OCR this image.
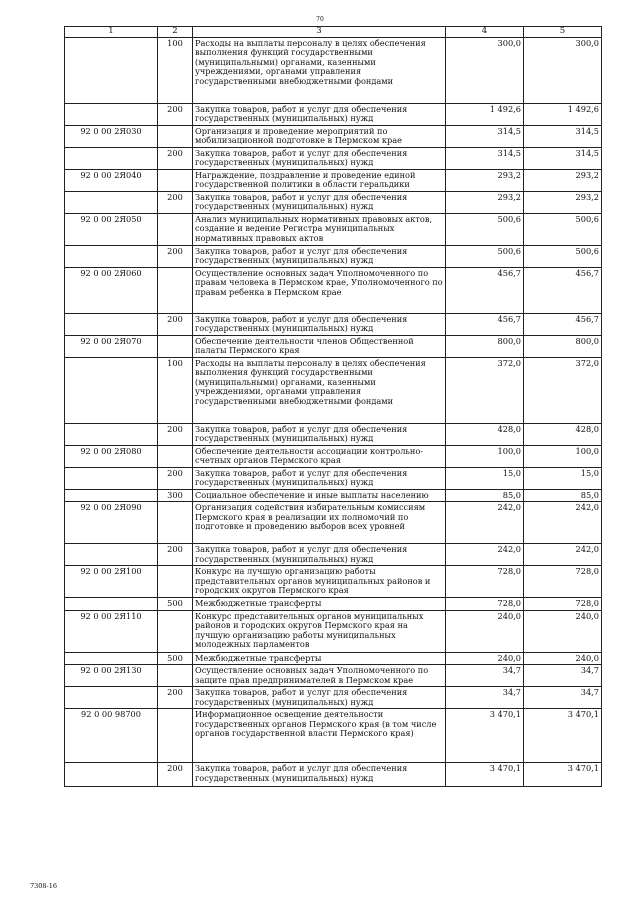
70
1	2	3	4	5
	100	Расходы на выплаты персоналу в целях обеспечения выполнения функций государственными (муниципальными) органами, казенными учреждениями, органами управления государственными внебюджетными фондами	300,0	300,0
	200	Закупка товаров, работ и услуг для обеспечения государственных (муниципальных) нужд	1 492,6	1 492,6
92 0 00 2Я030		Организация и проведение мероприятий по мобилизационной подготовке в Пермском крае	314,5	314,5
	200	Закупка товаров, работ и услуг для обеспечения государственных (муниципальных) нужд	314,5	314,5
92 0 00 2Я040		Награждение, поздравление и проведение единой государственной политики в области геральдики	293,2	293,2
	200	Закупка товаров, работ и услуг для обеспечения государственных (муниципальных) нужд	293,2	293,2
92 0 00 2Я050		Анализ муниципальных нормативных правовых актов, создание и ведение Регистра муниципальных нормативных правовых актов	500,6	500,6
	200	Закупка товаров, работ и услуг для обеспечения государственных (муниципальных) нужд	500,6	500,6
92 0 00 2Я060		Осуществление основных задач Уполномоченного по правам человека в Пермском крае, Уполномоченного по правам ребенка в Пермском крае	456,7	456,7
	200	Закупка товаров, работ и услуг для обеспечения государственных (муниципальных) нужд	456,7	456,7
92 0 00 2Я070		Обеспечение деятельности членов Общественной палаты Пермского края	800,0	800,0
	100	Расходы на выплаты персоналу в целях обеспечения выполнения функций государственными (муниципальными) органами, казенными учреждениями, органами управления государственными внебюджетными фондами	372,0	372,0
	200	Закупка товаров, работ и услуг для обеспечения государственных (муниципальных) нужд	428,0	428,0
92 0 00 2Я080		Обеспечение деятельности ассоциации контрольно-счетных органов Пермского края	100,0	100,0
	200	Закупка товаров, работ и услуг для обеспечения государственных (муниципальных) нужд	15,0	15,0
	300	Социальное обеспечение и иные выплаты населению	85,0	85,0
92 0 00 2Я090		Организация содействия избирательным комиссиям Пермского края в реализации их полномочий по подготовке и проведению выборов всех уровней	242,0	242,0
	200	Закупка товаров, работ и услуг для обеспечения государственных (муниципальных) нужд	242,0	242,0
92 0 00 2Я100		Конкурс на лучшую организацию работы представительных органов муниципальных районов и городских округов Пермского края	728,0	728,0
	500	Межбюджетные трансферты	728,0	728,0
92 0 00 2Я110		Конкурс представительных органов муниципальных районов и городских округов Пермского края на лучшую организацию работы муниципальных молодежных парламентов	240,0	240,0
	500	Межбюджетные трансферты	240,0	240,0
92 0 00 2Я130		Осуществление основных задач Уполномоченного по защите прав предпринимателей в Пермском крае	34,7	34,7
	200	Закупка товаров, работ и услуг для обеспечения государственных (муниципальных) нужд	34,7	34,7
92 0 00 98700		Информационное освещение деятельности государственных органов Пермского края (в том числе органов государственной власти Пермского края)	3 470,1	3 470,1
	200	Закупка товаров, работ и услуг для обеспечения государственных (муниципальных) нужд	3 470,1	3 470,1
7308-16
